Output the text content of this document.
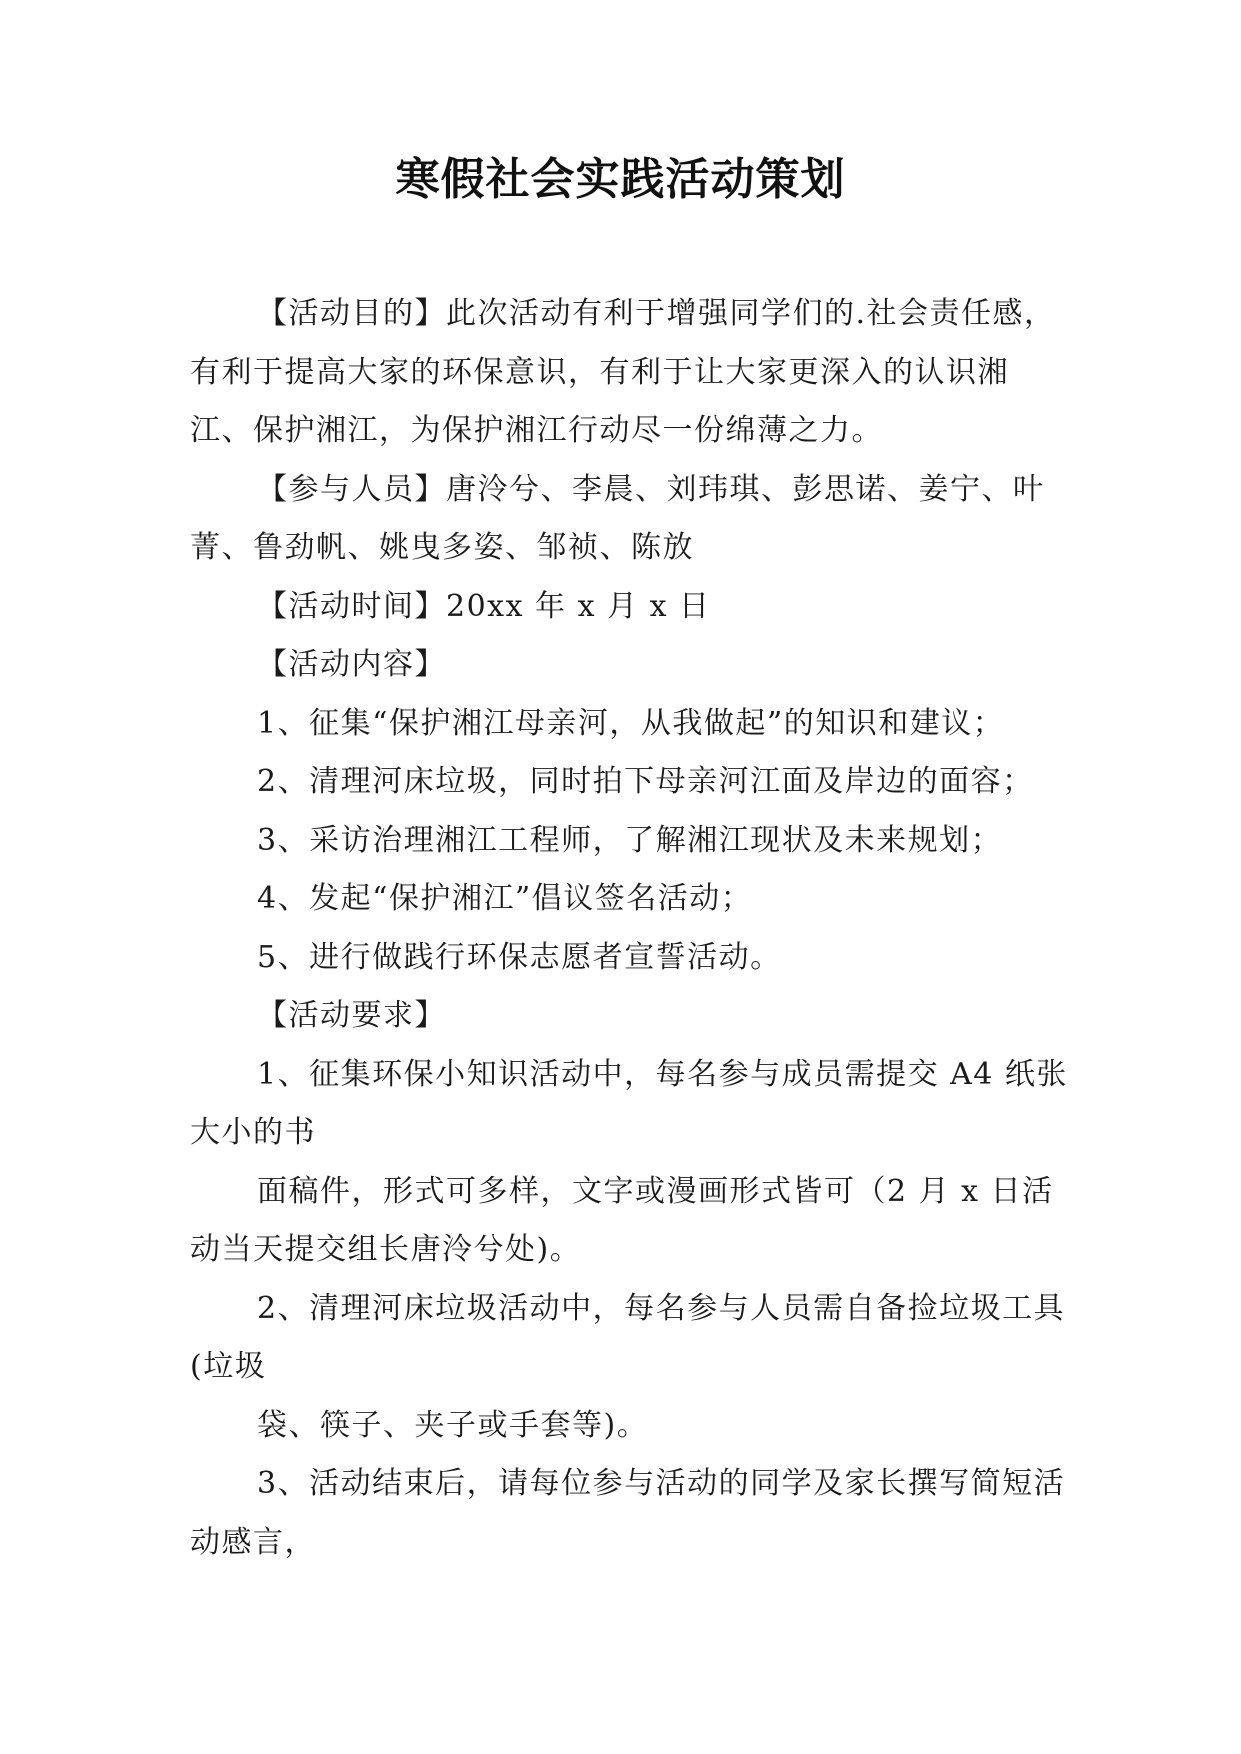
寒假社会实践活动策划

【活动目的】此次活动有利于增强同学们的.社会责任感，有利于提高大家的环保意识，有利于让大家更深入的认识湘江、保护湘江，为保护湘江行动尽一份绵薄之力。

【参与人员】唐泠兮、李晨、刘玮琪、彭思诺、姜宁、叶菁、鲁劲帆、姚曳多姿、邹祯、陈放

【活动时间】20xx 年 x 月 x 日

【活动内容】

1、征集“保护湘江母亲河，从我做起”的知识和建议；

2、清理河床垃圾，同时拍下母亲河江面及岸边的面容；

3、采访治理湘江工程师，了解湘江现状及未来规划；

4、发起“保护湘江”倡议签名活动；

5、进行做践行环保志愿者宣誓活动。

【活动要求】

1、征集环保小知识活动中，每名参与成员需提交 A4 纸张大小的书

面稿件，形式可多样，文字或漫画形式皆可（2 月 x 日活动当天提交组长唐泠兮处)。

2、清理河床垃圾活动中，每名参与人员需自备捡垃圾工具(垃圾

袋、筷子、夹子或手套等)。

3、活动结束后，请每位参与活动的同学及家长撰写简短活动感言，
